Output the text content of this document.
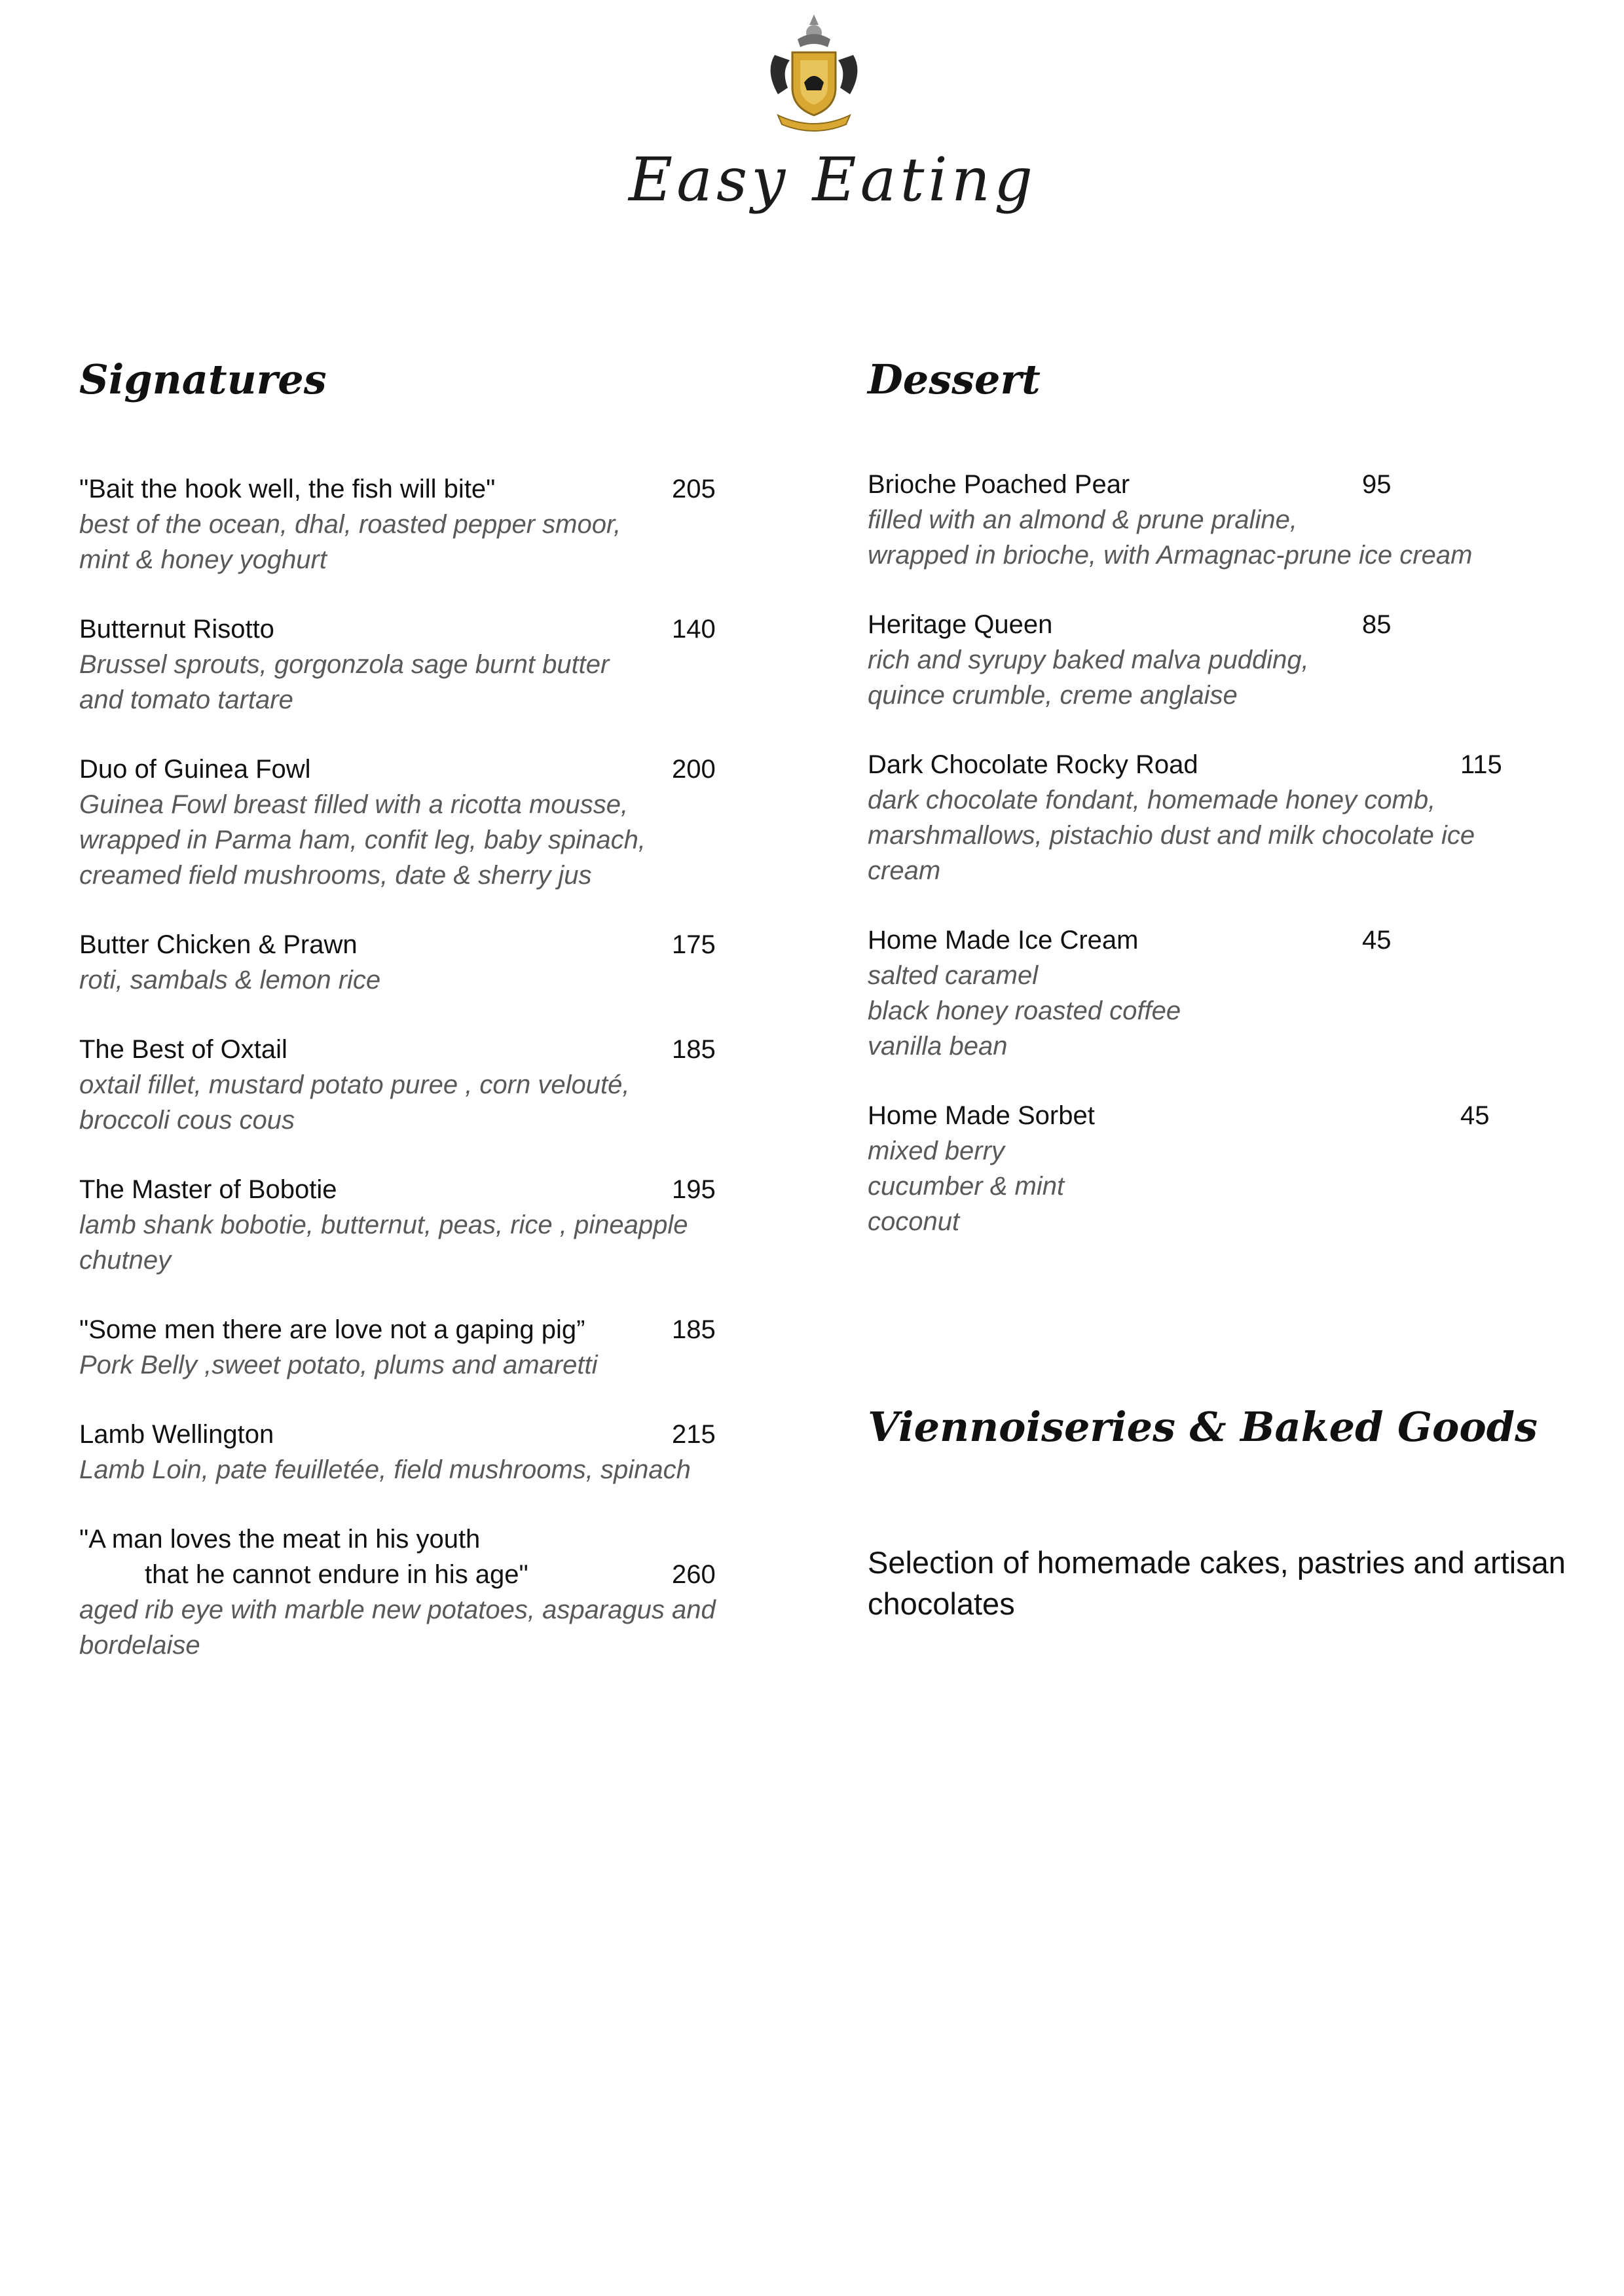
Easy Eating
Signatures
"Bait the hook well, the fish will bite"	205
best of the ocean, dhal, roasted pepper smoor,
mint & honey yoghurt
Butternut Risotto	140
Brussel sprouts, gorgonzola sage burnt butter
and tomato tartare
Duo of Guinea Fowl	200
Guinea Fowl breast filled with a ricotta mousse,
wrapped in Parma ham, confit leg, baby spinach,
creamed field mushrooms, date & sherry jus
Butter Chicken & Prawn	175
roti, sambals & lemon rice
The Best of Oxtail	185
oxtail fillet, mustard potato puree , corn velouté,
broccoli cous cous
The Master of Bobotie	195
lamb shank bobotie, butternut, peas, rice , pineapple
chutney
"Some men there are love not a gaping pig”	185
Pork Belly ,sweet potato, plums and amaretti
Lamb Wellington	215
Lamb Loin, pate feuilletée, field mushrooms, spinach
"A man loves the meat in his youth
that he cannot endure in his age"	260
aged rib eye with marble new potatoes, asparagus and
bordelaise
Dessert
Brioche Poached Pear	95
filled with an almond & prune praline,
wrapped in brioche, with Armagnac-prune ice cream
Heritage Queen	85
rich and syrupy baked malva pudding,
quince crumble, creme anglaise
Dark Chocolate Rocky Road	115
dark chocolate fondant, homemade honey comb,
marshmallows, pistachio dust and milk chocolate ice
cream
Home Made Ice Cream	45
salted caramel
black honey roasted coffee
vanilla bean
Home Made Sorbet	45
mixed berry
cucumber & mint
coconut
Viennoiseries & Baked Goods
Selection of homemade cakes, pastries and artisan chocolates
